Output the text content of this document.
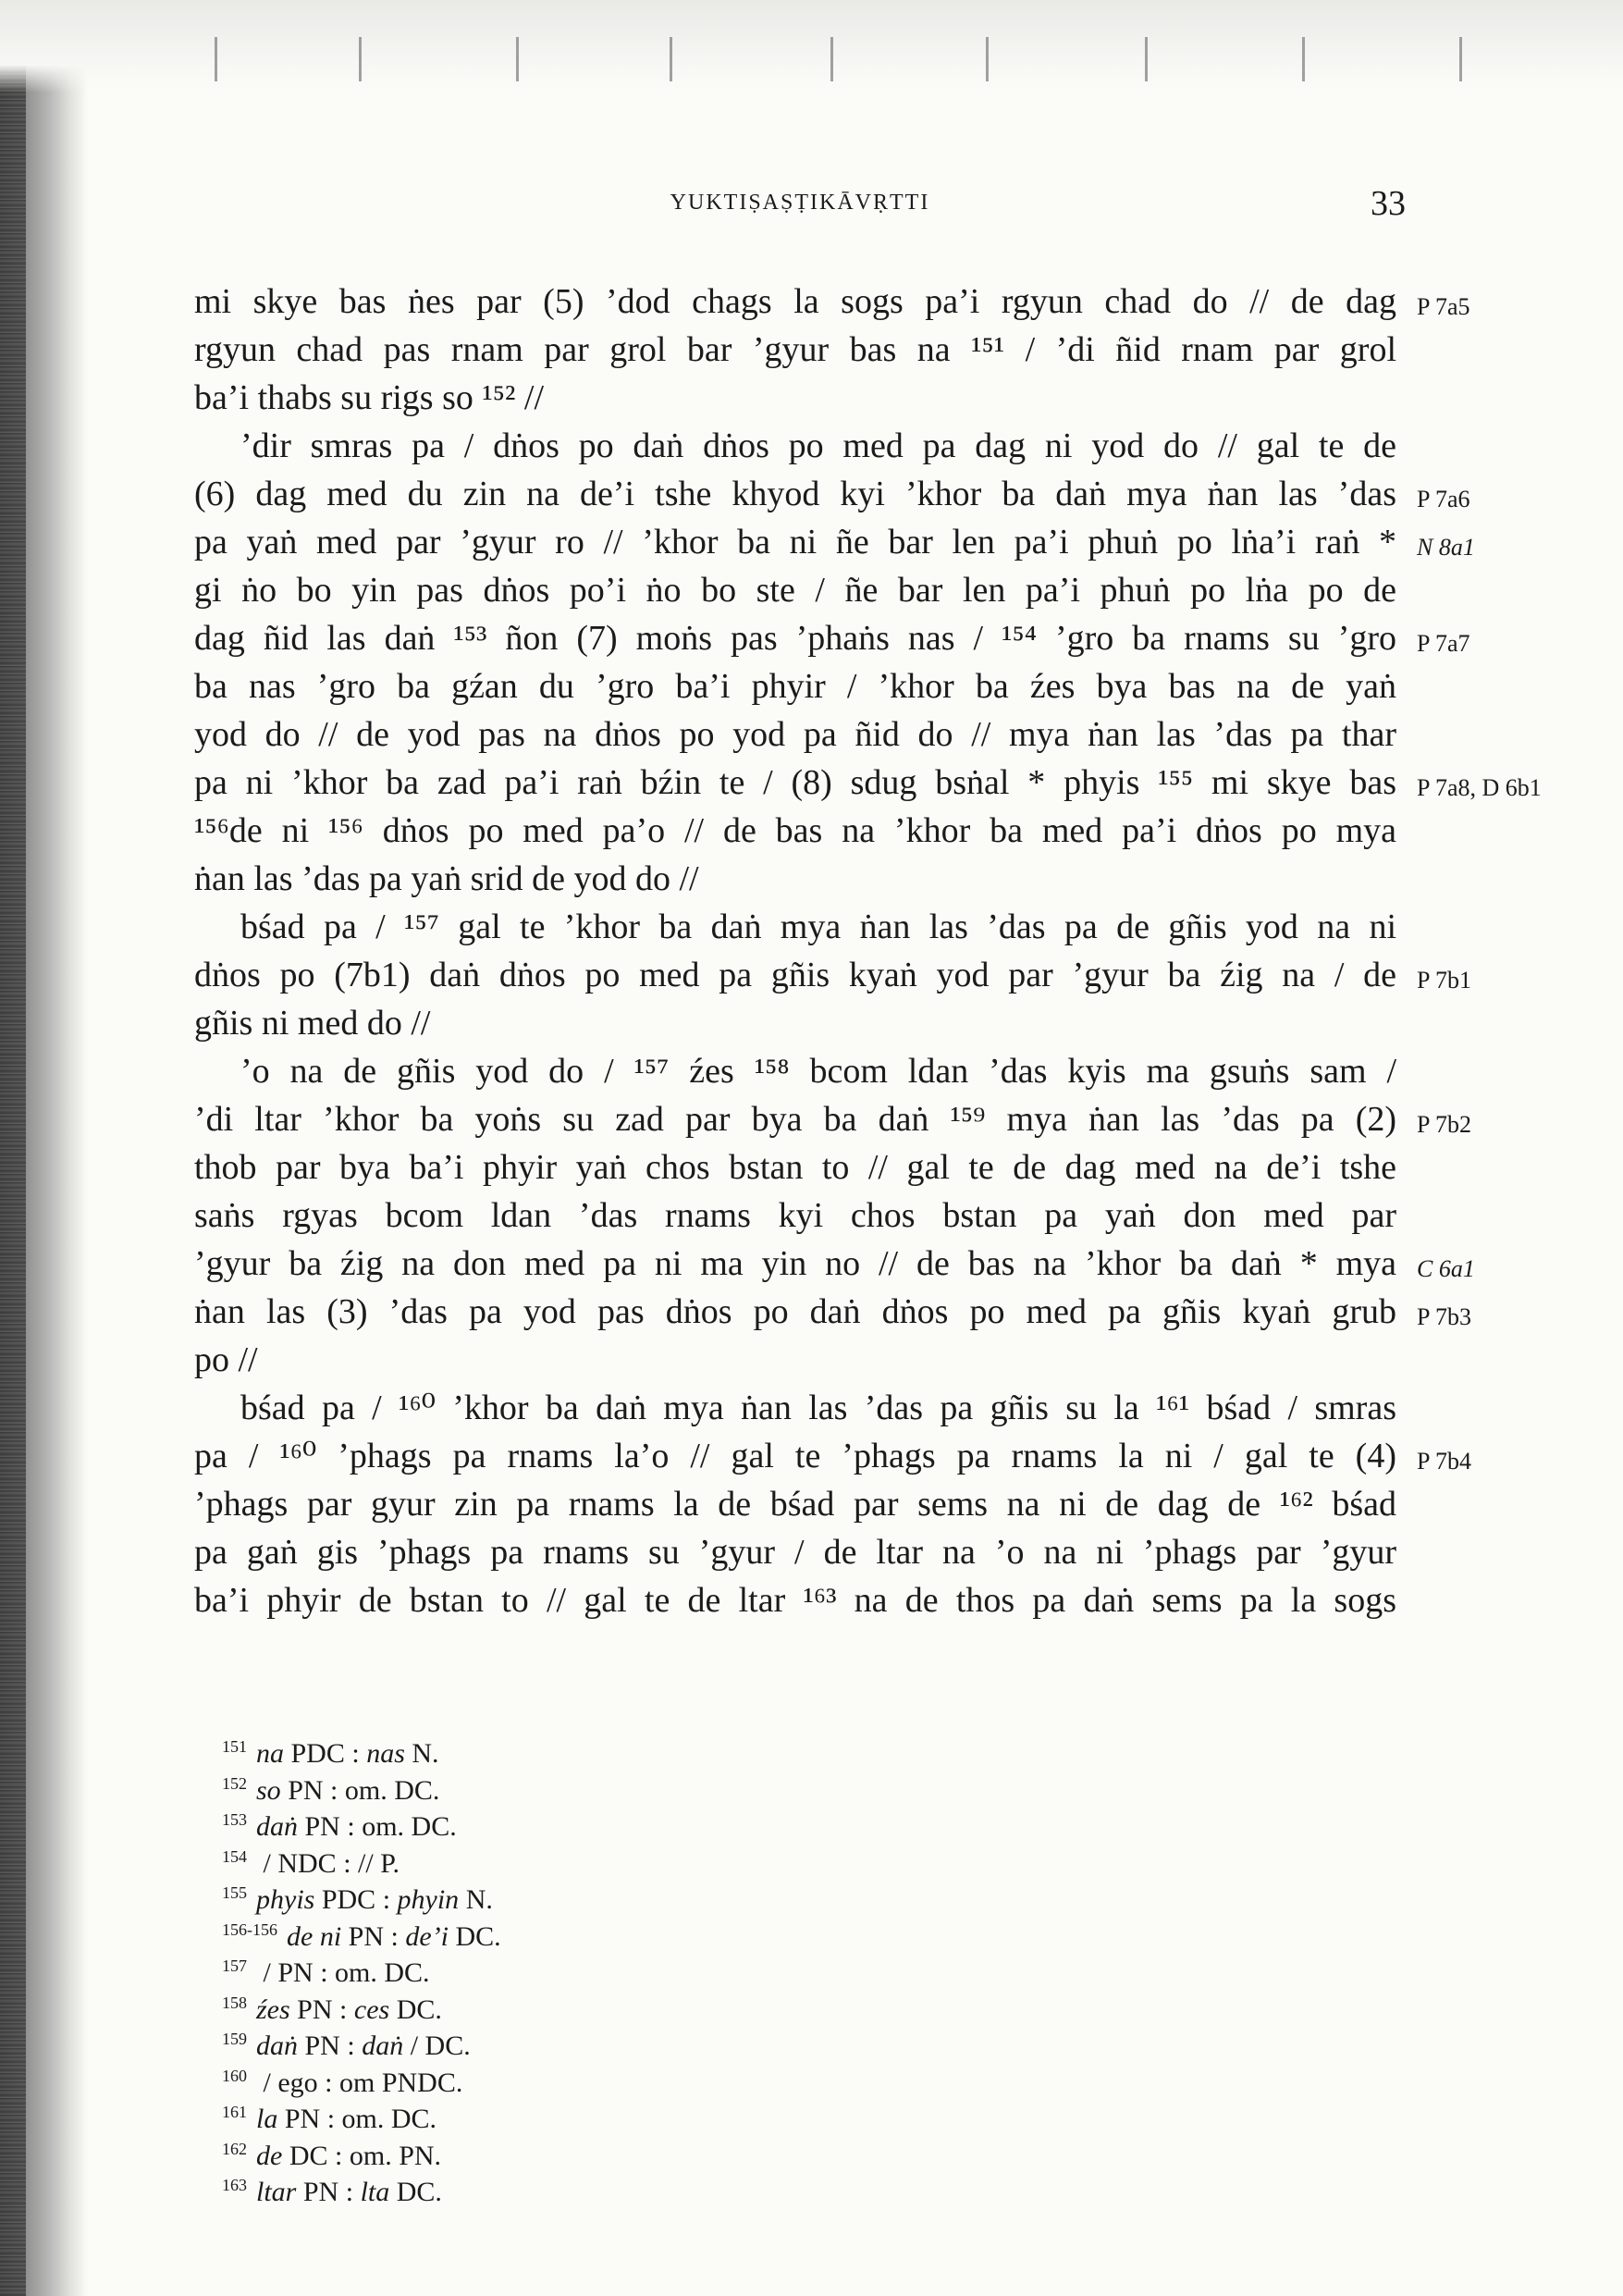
YUKTIṢAṢṬIKĀVṚTTI	33
mi skye bas ṅes par (5) ’dod chags la sogs pa’i rgyun chad do // de dag P 7a5
rgyun chad pas rnam par grol bar ’gyur bas na ¹⁵¹ / ’di ñid rnam par grol
ba’i thabs su rigs so ¹⁵² //
’dir smras pa / dṅos po daṅ dṅos po med pa dag ni yod do // gal te de
(6) dag med du zin na de’i tshe khyod kyi ’khor ba daṅ mya ṅan las ’das P 7a6
pa yaṅ med par ’gyur ro // ’khor ba ni ñe bar len pa’i phuṅ po lṅa’i raṅ * N 8a1
gi ṅo bo yin pas dṅos po’i ṅo bo ste / ñe bar len pa’i phuṅ po lṅa po de
dag ñid las daṅ ¹⁵³ ñon (7) moṅs pas ’phaṅs nas / ¹⁵⁴ ’gro ba rnams su ’gro P 7a7
ba nas ’gro ba gźan du ’gro ba’i phyir / ’khor ba źes bya bas na de yaṅ
yod do // de yod pas na dṅos po yod pa ñid do // mya ṅan las ’das pa thar
pa ni ’khor ba zad pa’i raṅ bźin te / (8) sdug bsṅal * phyis ¹⁵⁵ mi skye bas P 7a8, D 6b1
¹⁵⁶de ni ¹⁵⁶ dṅos po med pa’o // de bas na ’khor ba med pa’i dṅos po mya
ṅan las ’das pa yaṅ srid de yod do //
bśad pa / ¹⁵⁷ gal te ’khor ba daṅ mya ṅan las ’das pa de gñis yod na ni
dṅos po (7b1) daṅ dṅos po med pa gñis kyaṅ yod par ’gyur ba źig na / de P 7b1
gñis ni med do //
’o na de gñis yod do / ¹⁵⁷ źes ¹⁵⁸ bcom ldan ’das kyis ma gsuṅs sam /
’di ltar ’khor ba yoṅs su zad par bya ba daṅ ¹⁵⁹ mya ṅan las ’das pa (2) P 7b2
thob par bya ba’i phyir yaṅ chos bstan to // gal te de dag med na de’i tshe
saṅs rgyas bcom ldan ’das rnams kyi chos bstan pa yaṅ don med par
’gyur ba źig na don med pa ni ma yin no // de bas na ’khor ba daṅ * mya C 6a1
ṅan las (3) ’das pa yod pas dṅos po daṅ dṅos po med pa gñis kyaṅ grub P 7b3
po //
bśad pa / ¹⁶⁰ ’khor ba daṅ mya ṅan las ’das pa gñis su la ¹⁶¹ bśad / smras
pa / ¹⁶⁰ ’phags pa rnams la’o // gal te ’phags pa rnams la ni / gal te (4) P 7b4
’phags par gyur zin pa rnams la de bśad par sems na ni de dag de ¹⁶² bśad
pa gaṅ gis ’phags pa rnams su ’gyur / de ltar na ’o na ni ’phags par ’gyur
ba’i phyir de bstan to // gal te de ltar ¹⁶³ na de thos pa daṅ sems pa la sogs
$^{151}$ na PDC : nas N.
$^{152}$ so PN : om. DC.
$^{153}$ daṅ PN : om. DC.
$^{154}$ / NDC : // P.
$^{155}$ phyis PDC : phyin N.
$^{156-156}$ de ni PN : de’i DC.
$^{157}$ / PN : om. DC.
$^{158}$ źes PN : ces DC.
$^{159}$ daṅ PN : daṅ / DC.
$^{160}$ / ego : om PNDC.
$^{161}$ la PN : om. DC.
$^{162}$ de DC : om. PN.
$^{163}$ ltar PN : lta DC.
